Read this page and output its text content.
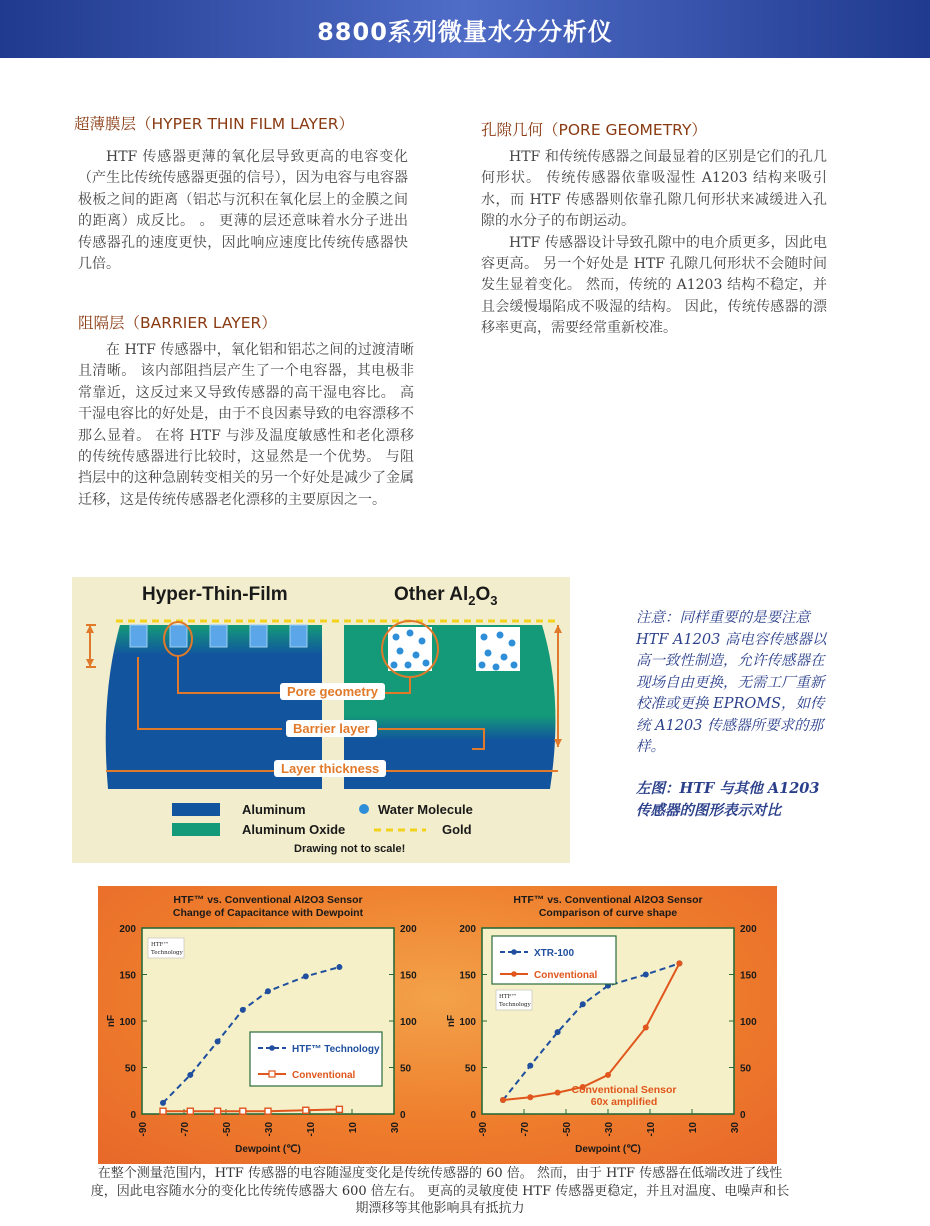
8800系列微量水分分析仪
超薄膜层（HYPER THIN FILM LAYER）

HTF 传感器更薄的氧化层导致更高的电容变化（产生比传统传感器更强的信号），因为电容与电容器极板之间的距离（铝芯与沉积在氧化层上的金膜之间的距离）成反比。 。 更薄的层还意味着水分子进出传感器孔的速度更快，因此响应速度比传统传感器快几倍。

阻隔层（BARRIER LAYER）

在 HTF 传感器中，氧化铝和铝芯之间的过渡清晰且清晰。 该内部阻挡层产生了一个电容器，其电极非常靠近，这反过来又导致传感器的高干湿电容比。 高干湿电容比的好处是，由于不良因素导致的电容漂移不那么显着。 在将 HTF 与涉及温度敏感性和老化漂移的传统传感器进行比较时，这显然是一个优势。 与阻挡层中的这种急剧转变相关的另一个好处是减少了金属迁移，这是传统传感器老化漂移的主要原因之一。

孔隙几何（PORE GEOMETRY）

HTF 和传统传感器之间最显着的区别是它们的孔几何形状。 传统传感器依靠吸湿性 A1203 结构来吸引水，而 HTF 传感器则依靠孔隙几何形状来减缓进入孔隙的水分子的布朗运动。

HTF 传感器设计导致孔隙中的电介质更多，因此电容更高。 另一个好处是 HTF 孔隙几何形状不会随时间发生显着变化。 然而，传统的 A1203 结构不稳定，并且会缓慢塌陷成不吸湿的结构。 因此，传统传感器的漂移率更高，需要经常重新校准。

Hyper-Thin-Film	Other $Al_2O_3$
Pore geometry
Barrier layer
Layer thickness
Aluminum
Aluminum Oxide
Water Molecule
Gold
Drawing not to scale!
注意：同样重要的是要注意 HTF A1203 高电容传感器以高一致性制造，允许传感器在现场自由更换，无需工厂重新校准或更换 EPROMS，如传统 A1203 传感器所要求的那样。
左图：HTF 与其他 A1203 传感器的图形表示对比
HTF™ vs. Conventional Al2O3 Sensor
Change of Capacitance with Dewpoint
0	0
50	50
100	100
150	150
200	200
-90	-70	-50	-30	-10	10	30
Dewpoint (℃)
nF
HTF™
Technology
HTF™ Technology
Conventional
HTF™ vs. Conventional Al2O3 Sensor
Comparison of curve shape
0	0
50	50
100	100
150	150
200	200
-90	-70	-50	-30	-10	10	30
Dewpoint (℃)
nF
HTF™
Technology
XTR-100
Conventional
Conventional Sensor
60x amplified
在整个测量范围内，HTF 传感器的电容随湿度变化是传统传感器的 60 倍。 然而，由于 HTF 传感器在低端改进了线性度，因此电容随水分的变化比传统传感器大 600 倍左右。 更高的灵敏度使 HTF 传感器更稳定，并且对温度、电噪声和长期漂移等其他影响具有抵抗力
